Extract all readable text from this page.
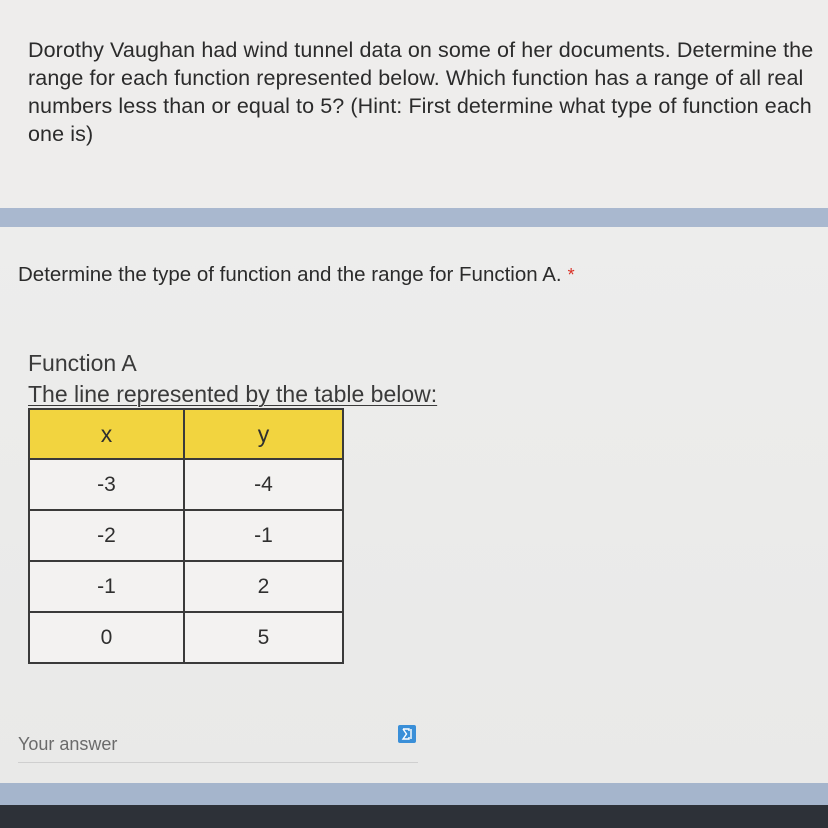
Dorothy Vaughan had wind tunnel data on some of her documents. Determine the range for each function represented below. Which function has a range of all real numbers less than or equal to 5? (Hint: First determine what type of function each one is)

Determine the type of function and the range for Function A. *

Function A

The line represented by the table below:

x	y
-3	-4
-2	-1
-1	2
0	5
Your answer
